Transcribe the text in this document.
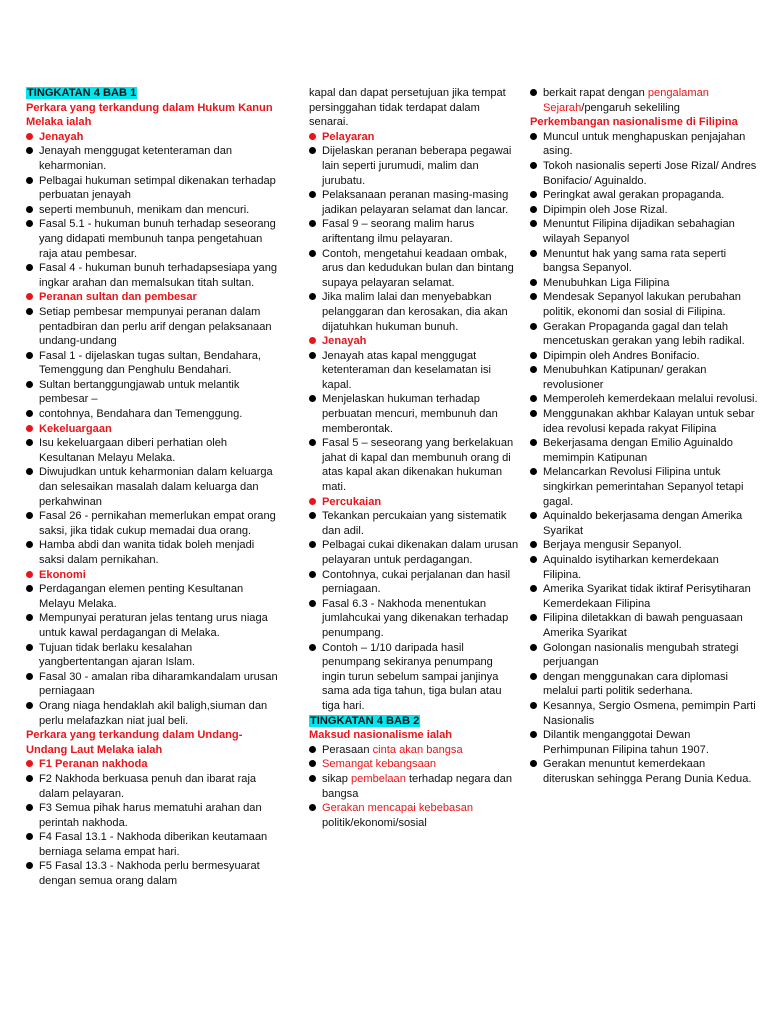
TINGKATAN 4 BAB 1
Perkara yang terkandung dalam Hukum Kanun Melaka ialah
Jenayah
Jenayah menggugat ketenteraman dan keharmonian.
Pelbagai hukuman setimpal dikenakan terhadap perbuatan jenayah
seperti membunuh, menikam dan mencuri.
Fasal 5.1 - hukuman bunuh terhadap seseorang yang didapati membunuh tanpa pengetahuan raja atau pembesar.
Fasal 4 - hukuman bunuh terhadapsesiapa yang ingkar arahan dan memalsukan titah sultan.
Peranan sultan dan pembesar
Setiap pembesar mempunyai peranan dalam pentadbiran dan perlu arif dengan pelaksanaan undang-undang
Fasal 1 - dijelaskan tugas sultan, Bendahara, Temenggung dan Penghulu Bendahari.
Sultan bertanggungjawab untuk melantik pembesar –
contohnya, Bendahara dan Temenggung.
Kekeluargaan
Isu kekeluargaan diberi perhatian oleh Kesultanan Melayu Melaka.
Diwujudkan untuk keharmonian dalam keluarga dan selesaikan masalah dalam keluarga dan perkahwinan
Fasal 26 - pernikahan memerlukan empat orang saksi, jika tidak cukup memadai dua orang.
Hamba abdi dan wanita tidak boleh menjadi saksi dalam pernikahan.
Ekonomi
Perdagangan elemen penting Kesultanan Melayu Melaka.
Mempunyai peraturan jelas tentang urus niaga untuk kawal perdagangan di Melaka.
Tujuan tidak berlaku kesalahan yangbertentangan ajaran Islam.
Fasal 30 - amalan riba diharamkandalam urusan perniagaan
Orang niaga hendaklah akil baligh,siuman dan perlu melafazkan niat jual beli.
Perkara yang terkandung dalam Undang-Undang Laut Melaka ialah
F1 Peranan nakhoda
F2 Nakhoda berkuasa penuh dan ibarat raja dalam pelayaran.
F3 Semua pihak harus mematuhi arahan dan perintah nakhoda.
F4 Fasal 13.1 - Nakhoda diberikan keutamaan berniaga selama empat hari.
F5 Fasal 13.3 - Nakhoda perlu bermesyuarat dengan semua orang dalam
kapal dan dapat persetujuan jika tempat persinggahan tidak terdapat dalam senarai.
Pelayaran
Dijelaskan peranan beberapa pegawai lain seperti jurumudi, malim dan jurubatu.
Pelaksanaan peranan masing-masing jadikan pelayaran selamat dan lancar.
Fasal 9 – seorang malim harus ariftentang ilmu pelayaran.
Contoh, mengetahui keadaan ombak, arus dan kedudukan bulan dan bintang supaya pelayaran selamat.
Jika malim lalai dan menyebabkan pelanggaran dan kerosakan, dia akan dijatuhkan hukuman bunuh.
Jenayah
Jenayah atas kapal menggugat ketenteraman dan keselamatan isi kapal.
Menjelaskan hukuman terhadap perbuatan mencuri, membunuh dan memberontak.
Fasal 5 – seseorang yang berkelakuan jahat di kapal dan membunuh orang di atas kapal akan dikenakan hukuman mati.
Percukaian
Tekankan percukaian yang sistematik dan adil.
Pelbagai cukai dikenakan dalam urusan pelayaran untuk perdagangan.
Contohnya, cukai perjalanan dan hasil perniagaan.
Fasal 6.3 - Nakhoda menentukan jumlahcukai yang dikenakan terhadap penumpang.
Contoh – 1/10 daripada hasil penumpang sekiranya penumpang ingin turun sebelum sampai janjinya sama ada tiga tahun, tiga bulan atau tiga hari.
TINGKATAN 4 BAB 2
Maksud nasionalisme ialah
Perasaan cinta akan bangsa
Semangat kebangsaan
sikap pembelaan terhadap negara dan bangsa
Gerakan mencapai kebebasan politik/ekonomi/sosial
berkait rapat dengan pengalaman Sejarah/pengaruh sekeliling
Perkembangan nasionalisme di Filipina
Muncul untuk menghapuskan penjajahan asing.
Tokoh nasionalis seperti Jose Rizal/ Andres Bonifacio/ Aguinaldo.
Peringkat awal gerakan propaganda.
Dipimpin oleh Jose Rizal.
Menuntut Filipina dijadikan sebahagian wilayah Sepanyol
Menuntut hak yang sama rata seperti bangsa Sepanyol.
Menubuhkan Liga Filipina
Mendesak Sepanyol lakukan perubahan politik, ekonomi dan sosial di Filipina.
Gerakan Propaganda gagal dan telah mencetuskan gerakan yang lebih radikal.
Dipimpin oleh Andres Bonifacio.
Menubuhkan Katipunan/ gerakan revolusioner
Memperoleh kemerdekaan melalui revolusi.
Menggunakan akhbar Kalayan untuk sebar idea revolusi kepada rakyat Filipina
Bekerjasama dengan Emilio Aguinaldo memimpin Katipunan
Melancarkan Revolusi Filipina untuk singkirkan pemerintahan Sepanyol tetapi gagal.
Aquinaldo bekerjasama dengan Amerika Syarikat
Berjaya mengusir Sepanyol.
Aquinaldo isytiharkan kemerdekaan Filipina.
Amerika Syarikat tidak iktiraf Perisytiharan Kemerdekaan Filipina
Filipina diletakkan di bawah penguasaan Amerika Syarikat
Golongan nasionalis mengubah strategi perjuangan
dengan menggunakan cara diplomasi melalui parti politik sederhana.
Kesannya, Sergio Osmena, pemimpin Parti Nasionalis
Dilantik menganggotai Dewan Perhimpunan Filipina tahun 1907.
Gerakan menuntut kemerdekaan diteruskan sehingga Perang Dunia Kedua.
